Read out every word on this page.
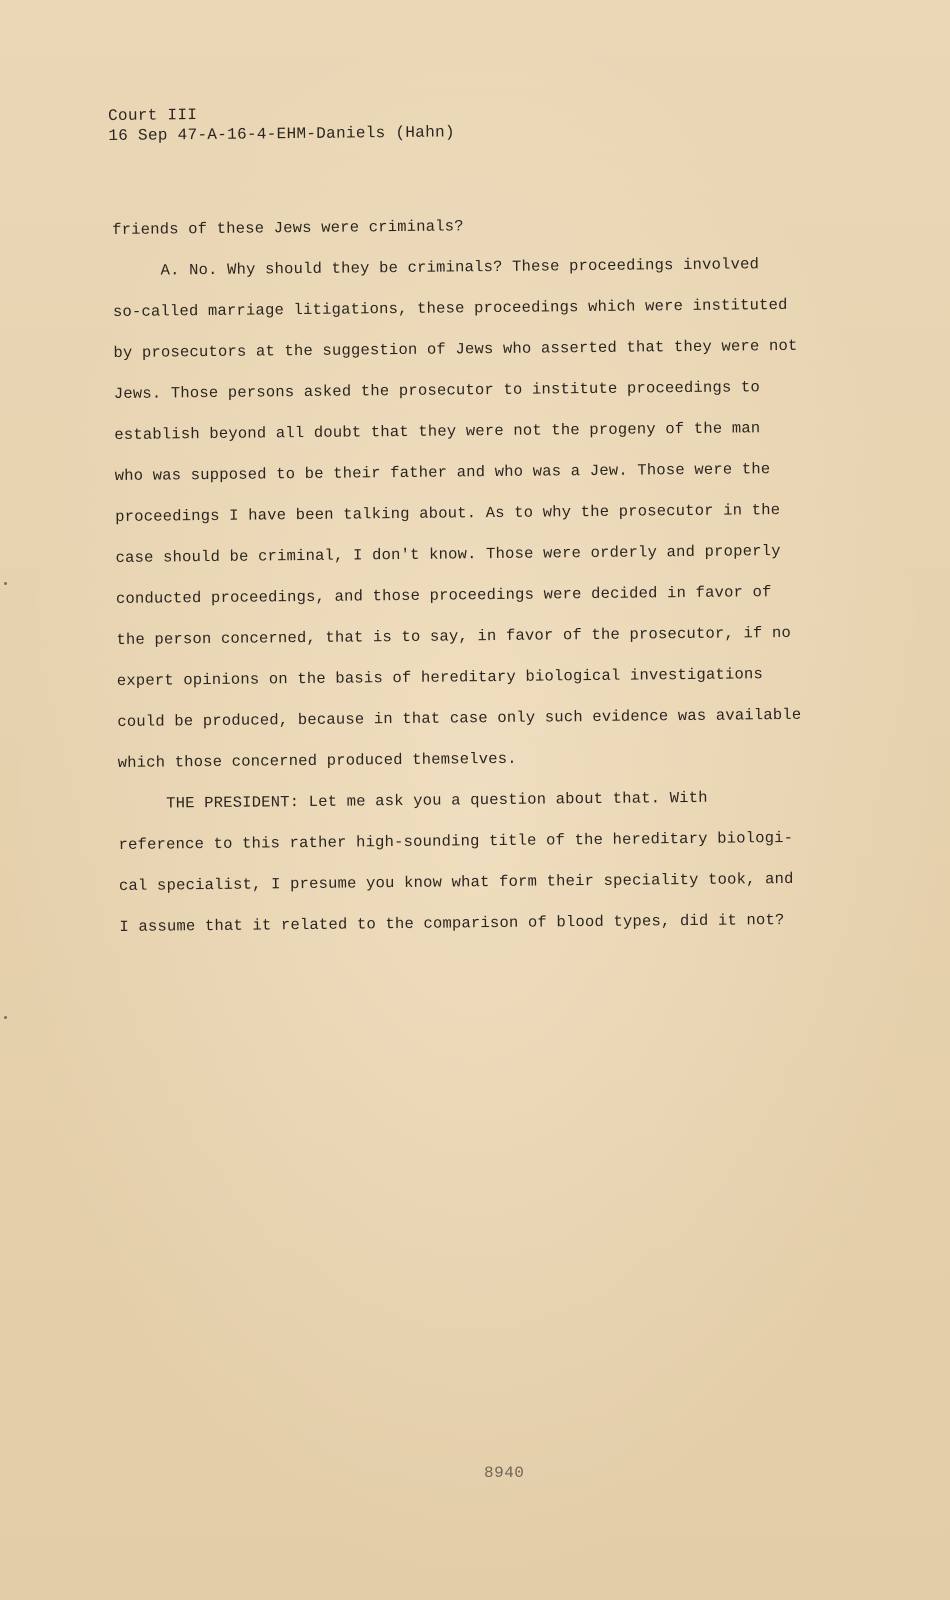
Court III
16 Sep 47-A-16-4-EHM-Daniels (Hahn)
friends of these Jews were criminals?
A. No. Why should they be criminals? These proceedings involved
so-called marriage litigations, these proceedings which were instituted
by prosecutors at the suggestion of Jews who asserted that they were not
Jews. Those persons asked the prosecutor to institute proceedings to
establish beyond all doubt that they were not the progeny of the man
who was supposed to be their father and who was a Jew. Those were the
proceedings I have been talking about. As to why the prosecutor in the
case should be criminal, I don't know. Those were orderly and properly
conducted proceedings, and those proceedings were decided in favor of
the person concerned, that is to say, in favor of the prosecutor, if no
expert opinions on the basis of hereditary biological investigations
could be produced, because in that case only such evidence was available
which those concerned produced themselves.
THE PRESIDENT: Let me ask you a question about that. With
reference to this rather high-sounding title of the hereditary biologi-
cal specialist, I presume you know what form their speciality took, and
I assume that it related to the comparison of blood types, did it not?
8940
